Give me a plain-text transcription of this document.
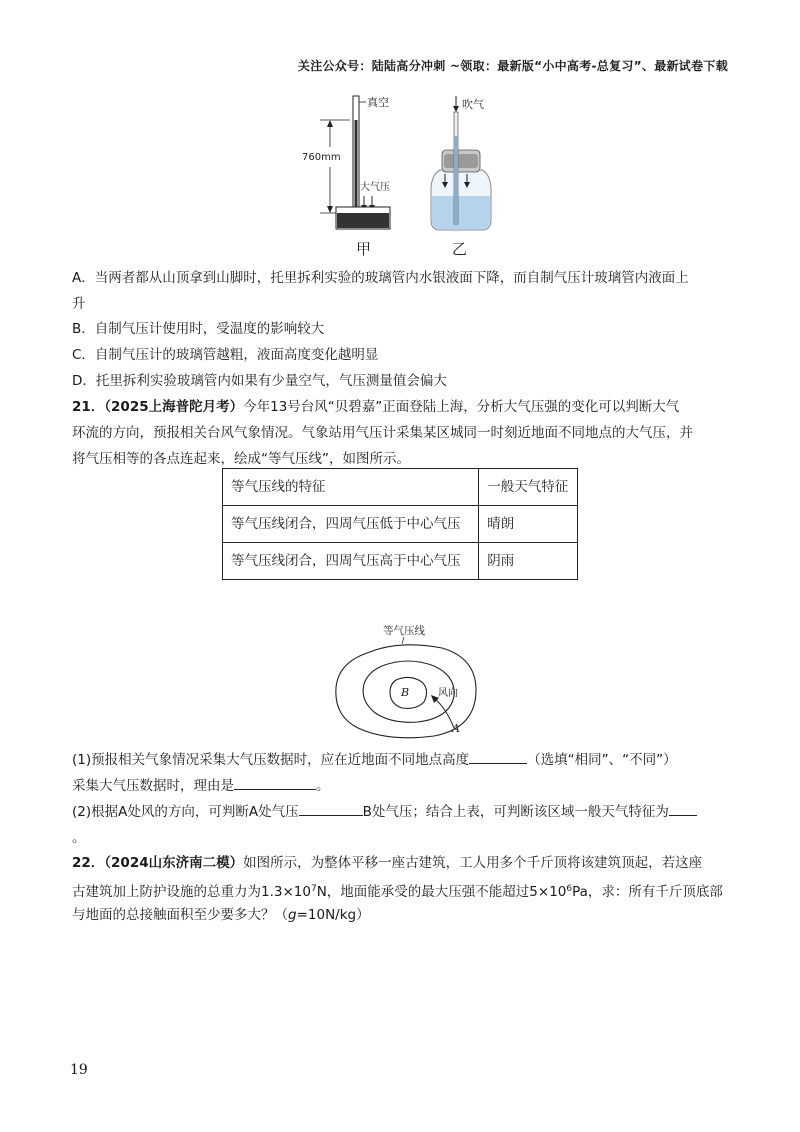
关注公众号：陆陆高分冲刺 ~领取：最新版“小中高考-总复习”、最新试卷下载
真空
760mm
大气压
甲
吹气
乙
A．当两者都从山顶拿到山脚时，托里拆利实验的玻璃管内水银液面下降，而自制气压计玻璃管内液面上
升
B．自制气压计使用时，受温度的影响较大
C．自制气压计的玻璃管越粗，液面高度变化越明显
D．托里拆利实验玻璃管内如果有少量空气，气压测量值会偏大
21．（2025上海普陀月考）今年13号台风“贝碧嘉”正面登陆上海，分析大气压强的变化可以判断大气
环流的方向，预报相关台风气象情况。气象站用气压计采集某区城同一时刻近地面不同地点的大气压，并
将气压相等的各点连起来，绘成“等气压线”，如图所示。
等气压线的特征	一般天气特征
等气压线闭合，四周气压低于中心气压	晴朗
等气压线闭合，四周气压高于中心气压	阴雨
等气压线
B	风向
A
(1)预报相关气象情况采集大气压数据时，应在近地面不同地点高度	（选填“相同”、“不同”）
采集大气压数据时，理由是	。
(2)根据A处风的方向，可判断A处气压	B处气压；结合上表，可判断该区域一般天气特征为
。
22．（2024山东济南二模）如图所示，为整体平移一座古建筑，工人用多个千斤顶将该建筑顶起，若这座
古建筑加上防护设施的总重力为$1.3\times 10^7N$，地面能承受的最大压强不能超过$5\times 10^6Pa$，求：所有千斤顶底部
与地面的总接触面积至少要多大？（g=10N/kg）
19
